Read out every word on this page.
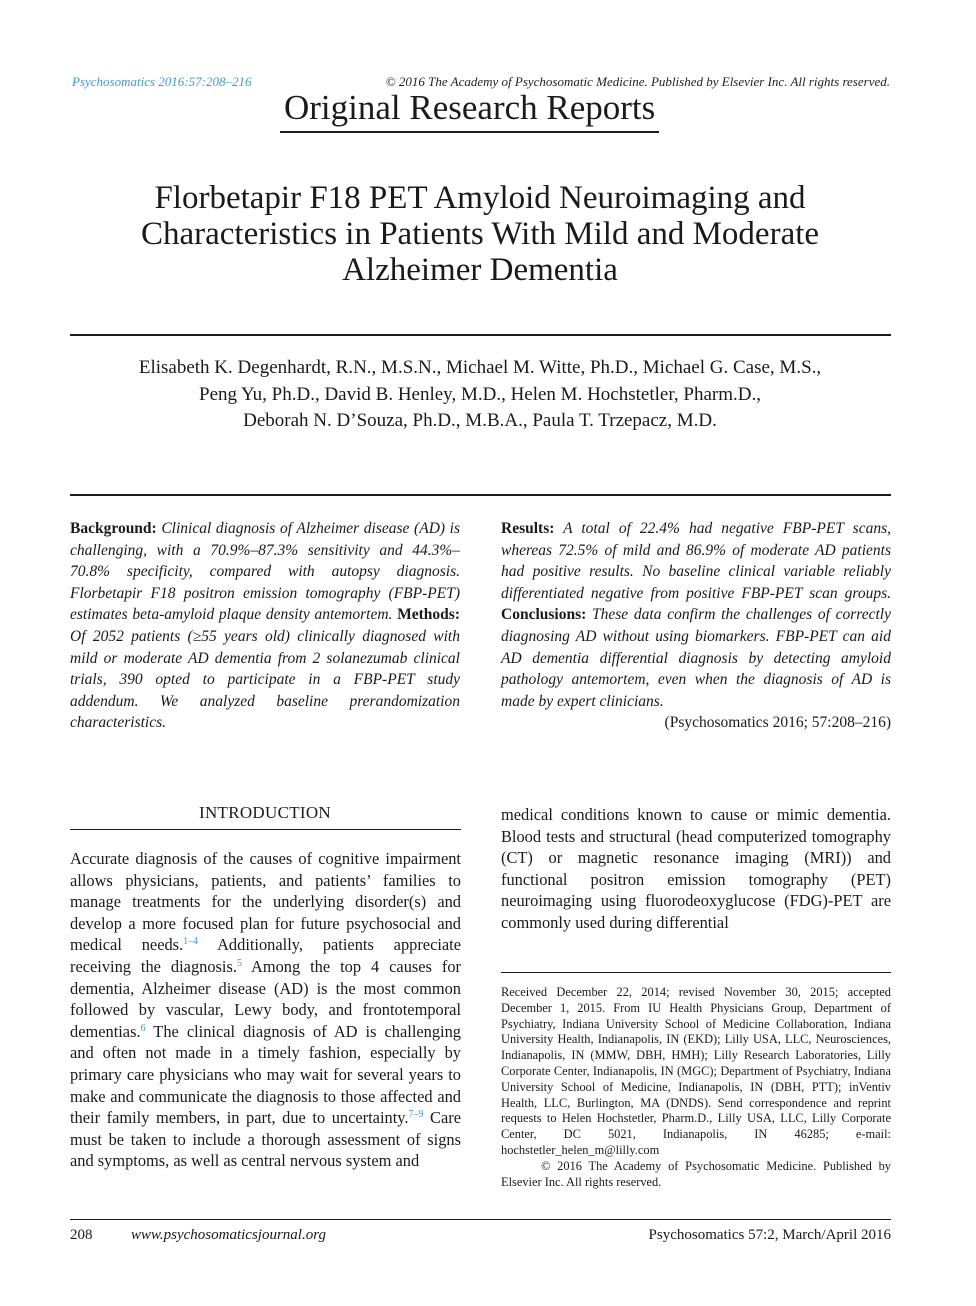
Psychosomatics 2016:57:208–216	© 2016 The Academy of Psychosomatic Medicine. Published by Elsevier Inc. All rights reserved.
Original Research Reports
Florbetapir F18 PET Amyloid Neuroimaging and
Characteristics in Patients With Mild and Moderate
Alzheimer Dementia
Elisabeth K. Degenhardt, R.N., M.S.N., Michael M. Witte, Ph.D., Michael G. Case, M.S.,
Peng Yu, Ph.D., David B. Henley, M.D., Helen M. Hochstetler, Pharm.D.,
Deborah N. D’Souza, Ph.D., M.B.A., Paula T. Trzepacz, M.D.
Background: Clinical diagnosis of Alzheimer disease (AD) is challenging, with a 70.9%–87.3% sensitivity and 44.3%–70.8% specificity, compared with autopsy diagnosis. Florbetapir F18 positron emission tomography (FBP-PET) estimates beta-amyloid plaque density antemortem. Methods: Of 2052 patients (≥55 years old) clinically diagnosed with mild or moderate AD dementia from 2 solanezumab clinical trials, 390 opted to participate in a FBP-PET study addendum. We analyzed baseline prerandomization characteristics.
Results: A total of 22.4% had negative FBP-PET scans, whereas 72.5% of mild and 86.9% of moderate AD patients had positive results. No baseline clinical variable reliably differentiated negative from positive FBP-PET scan groups. Conclusions: These data confirm the challenges of correctly diagnosing AD without using biomarkers. FBP-PET can aid AD dementia differential diagnosis by detecting amyloid pathology antemortem, even when the diagnosis of AD is made by expert clinicians.
(Psychosomatics 2016; 57:208–216)
INTRODUCTION
Accurate diagnosis of the causes of cognitive impairment allows physicians, patients, and patients’ families to manage treatments for the underlying disorder(s) and develop a more focused plan for future psychosocial and medical needs.$^{1-4}$ Additionally, patients appreciate receiving the diagnosis.$^5$ Among the top 4 causes for dementia, Alzheimer disease (AD) is the most common followed by vascular, Lewy body, and frontotemporal dementias.$^6$ The clinical diagnosis of AD is challenging and often not made in a timely fashion, especially by primary care physicians who may wait for several years to make and communicate the diagnosis to those affected and their family members, in part, due to uncertainty.$^{7-9}$ Care must be taken to include a thorough assessment of signs and symptoms, as well as central nervous system and
medical conditions known to cause or mimic dementia. Blood tests and structural (head computerized tomography (CT) or magnetic resonance imaging (MRI)) and functional positron emission tomography (PET) neuroimaging using fluorodeoxyglucose (FDG)-PET are commonly used during differential
Received December 22, 2014; revised November 30, 2015; accepted December 1, 2015. From IU Health Physicians Group, Department of Psychiatry, Indiana University School of Medicine Collaboration, Indiana University Health, Indianapolis, IN (EKD); Lilly USA, LLC, Neurosciences, Indianapolis, IN (MMW, DBH, HMH); Lilly Research Laboratories, Lilly Corporate Center, Indianapolis, IN (MGC); Department of Psychiatry, Indiana University School of Medicine, Indianapolis, IN (DBH, PTT); inVentiv Health, LLC, Burlington, MA (DNDS). Send correspondence and reprint requests to Helen Hochstetler, Pharm.D., Lilly USA, LLC, Lilly Corporate Center, DC 5021, Indianapolis, IN 46285; e-mail: hochstetler_helen_m@lilly.com
© 2016 The Academy of Psychosomatic Medicine. Published by Elsevier Inc. All rights reserved.
208	www.psychosomaticsjournal.org	Psychosomatics 57:2, March/April 2016
